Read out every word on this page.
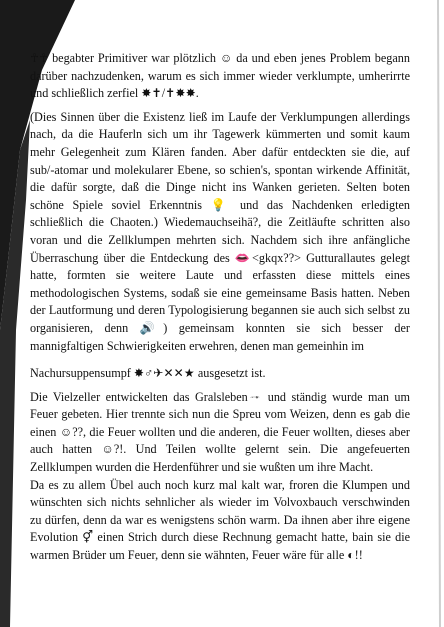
☥☥ begabter Primitiver war plötzlich ☺ da und eben jenes Problem begann darüber nachzudenken, warum es sich immer wieder verklumpte, umherirrte und schließlich zerfiel ✸✝/✝✸✸.

(Dies Sinnen über die Existenz ließ im Laufe der Verklumpungen allerdings nach, da die Hauferln sich um ihr Tagewerk kümmerten und somit kaum mehr Gelegenheit zum Klären fanden. Aber dafür entdeckten sie die, auf sub/-atomar und molekularer Ebene, so schien's, spontan wirkende Affinität, die dafür sorgte, daß die Dinge nicht ins Wanken gerieten. Selten boten schöne Spiele soviel Erkenntnis 💡 und das Nachdenken erledigten schließlich die Chaoten.) Wiedemauchseihä?, die Zeitläufte schritten also voran und die Zellklumpen mehrten sich. Nachdem sich ihre anfängliche Überraschung über die Entdeckung des 👄<gkqx??> Gutturallautes gelegt hatte, formten sie weitere Laute und erfassten diese mittels eines methodologischen Systems, sodaß sie eine gemeinsame Basis hatten. Neben der Lautformung und deren Typologisierung begannen sie auch sich selbst zu organisieren, denn 🔊) gemeinsam konnten sie sich besser der mannigfaltigen Schwierigkeiten erwehren, denen man gemeinhin im

Nachursuppensumpf ✸♂✈✕✕★ ausgesetzt ist.

Die Vielzeller entwickelten das Gralsleben🙬 und ständig wurde man um Feuer gebeten. Hier trennte sich nun die Spreu vom Weizen, denn es gab die einen ☺??, die Feuer wollten und die anderen, die Feuer wollten, dieses aber auch hatten ☺?!. Und Teilen wollte gelernt sein. Die angefeuerten Zellklumpen wurden die Herdenführer und sie wußten um ihre Macht.

Da es zu allem Übel auch noch kurz mal kalt war, froren die Klumpen und wünschten sich nichts sehnlicher als wieder im Volvoxbauch verschwinden zu dürfen, denn da war es wenigstens schön warm. Da ihnen aber ihre eigene Evolution ⚥ einen Strich durch diese Rechnung gemacht hatte, bain sie die warmen Brüder um Feuer, denn sie wähnten, Feuer wäre für alle ◐!!
